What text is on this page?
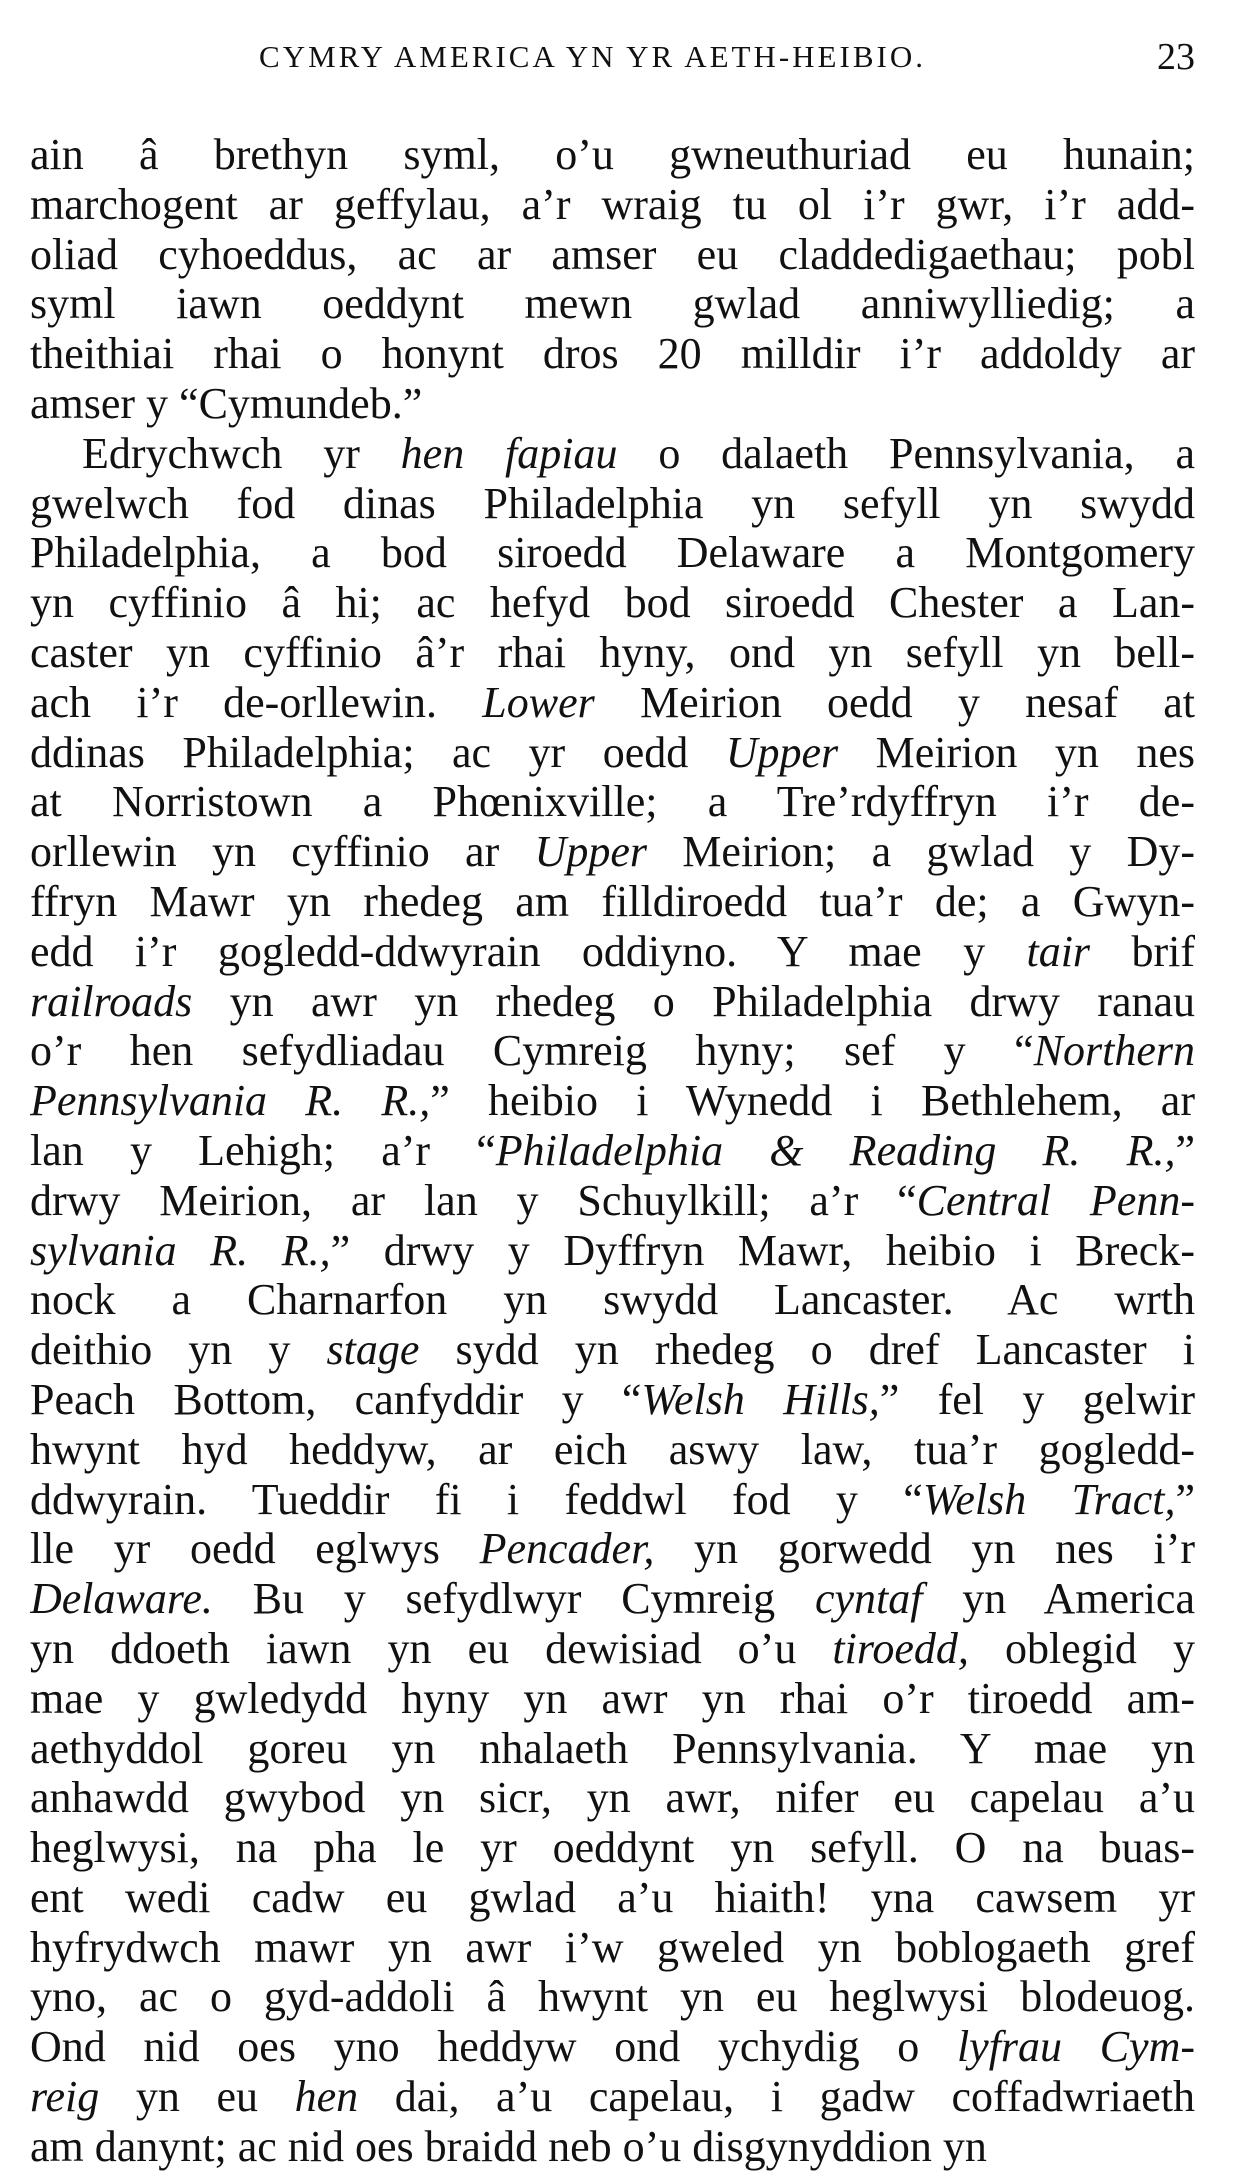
CYMRY AMERICA YN YR AETH-HEIBIO.	23
ain â brethyn syml, o’u gwneuthuriad eu hunain;
marchogent ar geffylau, a’r wraig tu ol i’r gwr, i’r add-
oliad cyhoeddus, ac ar amser eu claddedigaethau; pobl
syml iawn oeddynt mewn gwlad anniwylliedig; a
theithiai rhai o honynt dros 20 milldir i’r addoldy ar
amser y “Cymundeb.”
Edrychwch yr hen fapiau o dalaeth Pennsylvania, a
gwelwch fod dinas Philadelphia yn sefyll yn swydd
Philadelphia, a bod siroedd Delaware a Montgomery
yn cyffinio â hi; ac hefyd bod siroedd Chester a Lan-
caster yn cyffinio â’r rhai hyny, ond yn sefyll yn bell-
ach i’r de-orllewin. Lower Meirion oedd y nesaf at
ddinas Philadelphia; ac yr oedd Upper Meirion yn nes
at Norristown a Phœnixville; a Tre’rdyffryn i’r de-
orllewin yn cyffinio ar Upper Meirion; a gwlad y Dy-
ffryn Mawr yn rhedeg am filldiroedd tua’r de; a Gwyn-
edd i’r gogledd-ddwyrain oddiyno. Y mae y tair brif
railroads yn awr yn rhedeg o Philadelphia drwy ranau
o’r hen sefydliadau Cymreig hyny; sef y “Northern
Pennsylvania R. R.,” heibio i Wynedd i Bethlehem, ar
lan y Lehigh; a’r “Philadelphia & Reading R. R.,”
drwy Meirion, ar lan y Schuylkill; a’r “Central Penn-
sylvania R. R.,” drwy y Dyffryn Mawr, heibio i Breck-
nock a Charnarfon yn swydd Lancaster. Ac wrth
deithio yn y stage sydd yn rhedeg o dref Lancaster i
Peach Bottom, canfyddir y “Welsh Hills,” fel y gelwir
hwynt hyd heddyw, ar eich aswy law, tua’r gogledd-
ddwyrain. Tueddir fi i feddwl fod y “Welsh Tract,”
lle yr oedd eglwys Pencader, yn gorwedd yn nes i’r
Delaware. Bu y sefydlwyr Cymreig cyntaf yn America
yn ddoeth iawn yn eu dewisiad o’u tiroedd, oblegid y
mae y gwledydd hyny yn awr yn rhai o’r tiroedd am-
aethyddol goreu yn nhalaeth Pennsylvania. Y mae yn
anhawdd gwybod yn sicr, yn awr, nifer eu capelau a’u
heglwysi, na pha le yr oeddynt yn sefyll. O na buas-
ent wedi cadw eu gwlad a’u hiaith! yna cawsem yr
hyfrydwch mawr yn awr i’w gweled yn boblogaeth gref
yno, ac o gyd-addoli â hwynt yn eu heglwysi blodeuog.
Ond nid oes yno heddyw ond ychydig o lyfrau Cym-
reig yn eu hen dai, a’u capelau, i gadw coffadwriaeth
am danynt; ac nid oes braidd neb o’u disgynyddion yn
